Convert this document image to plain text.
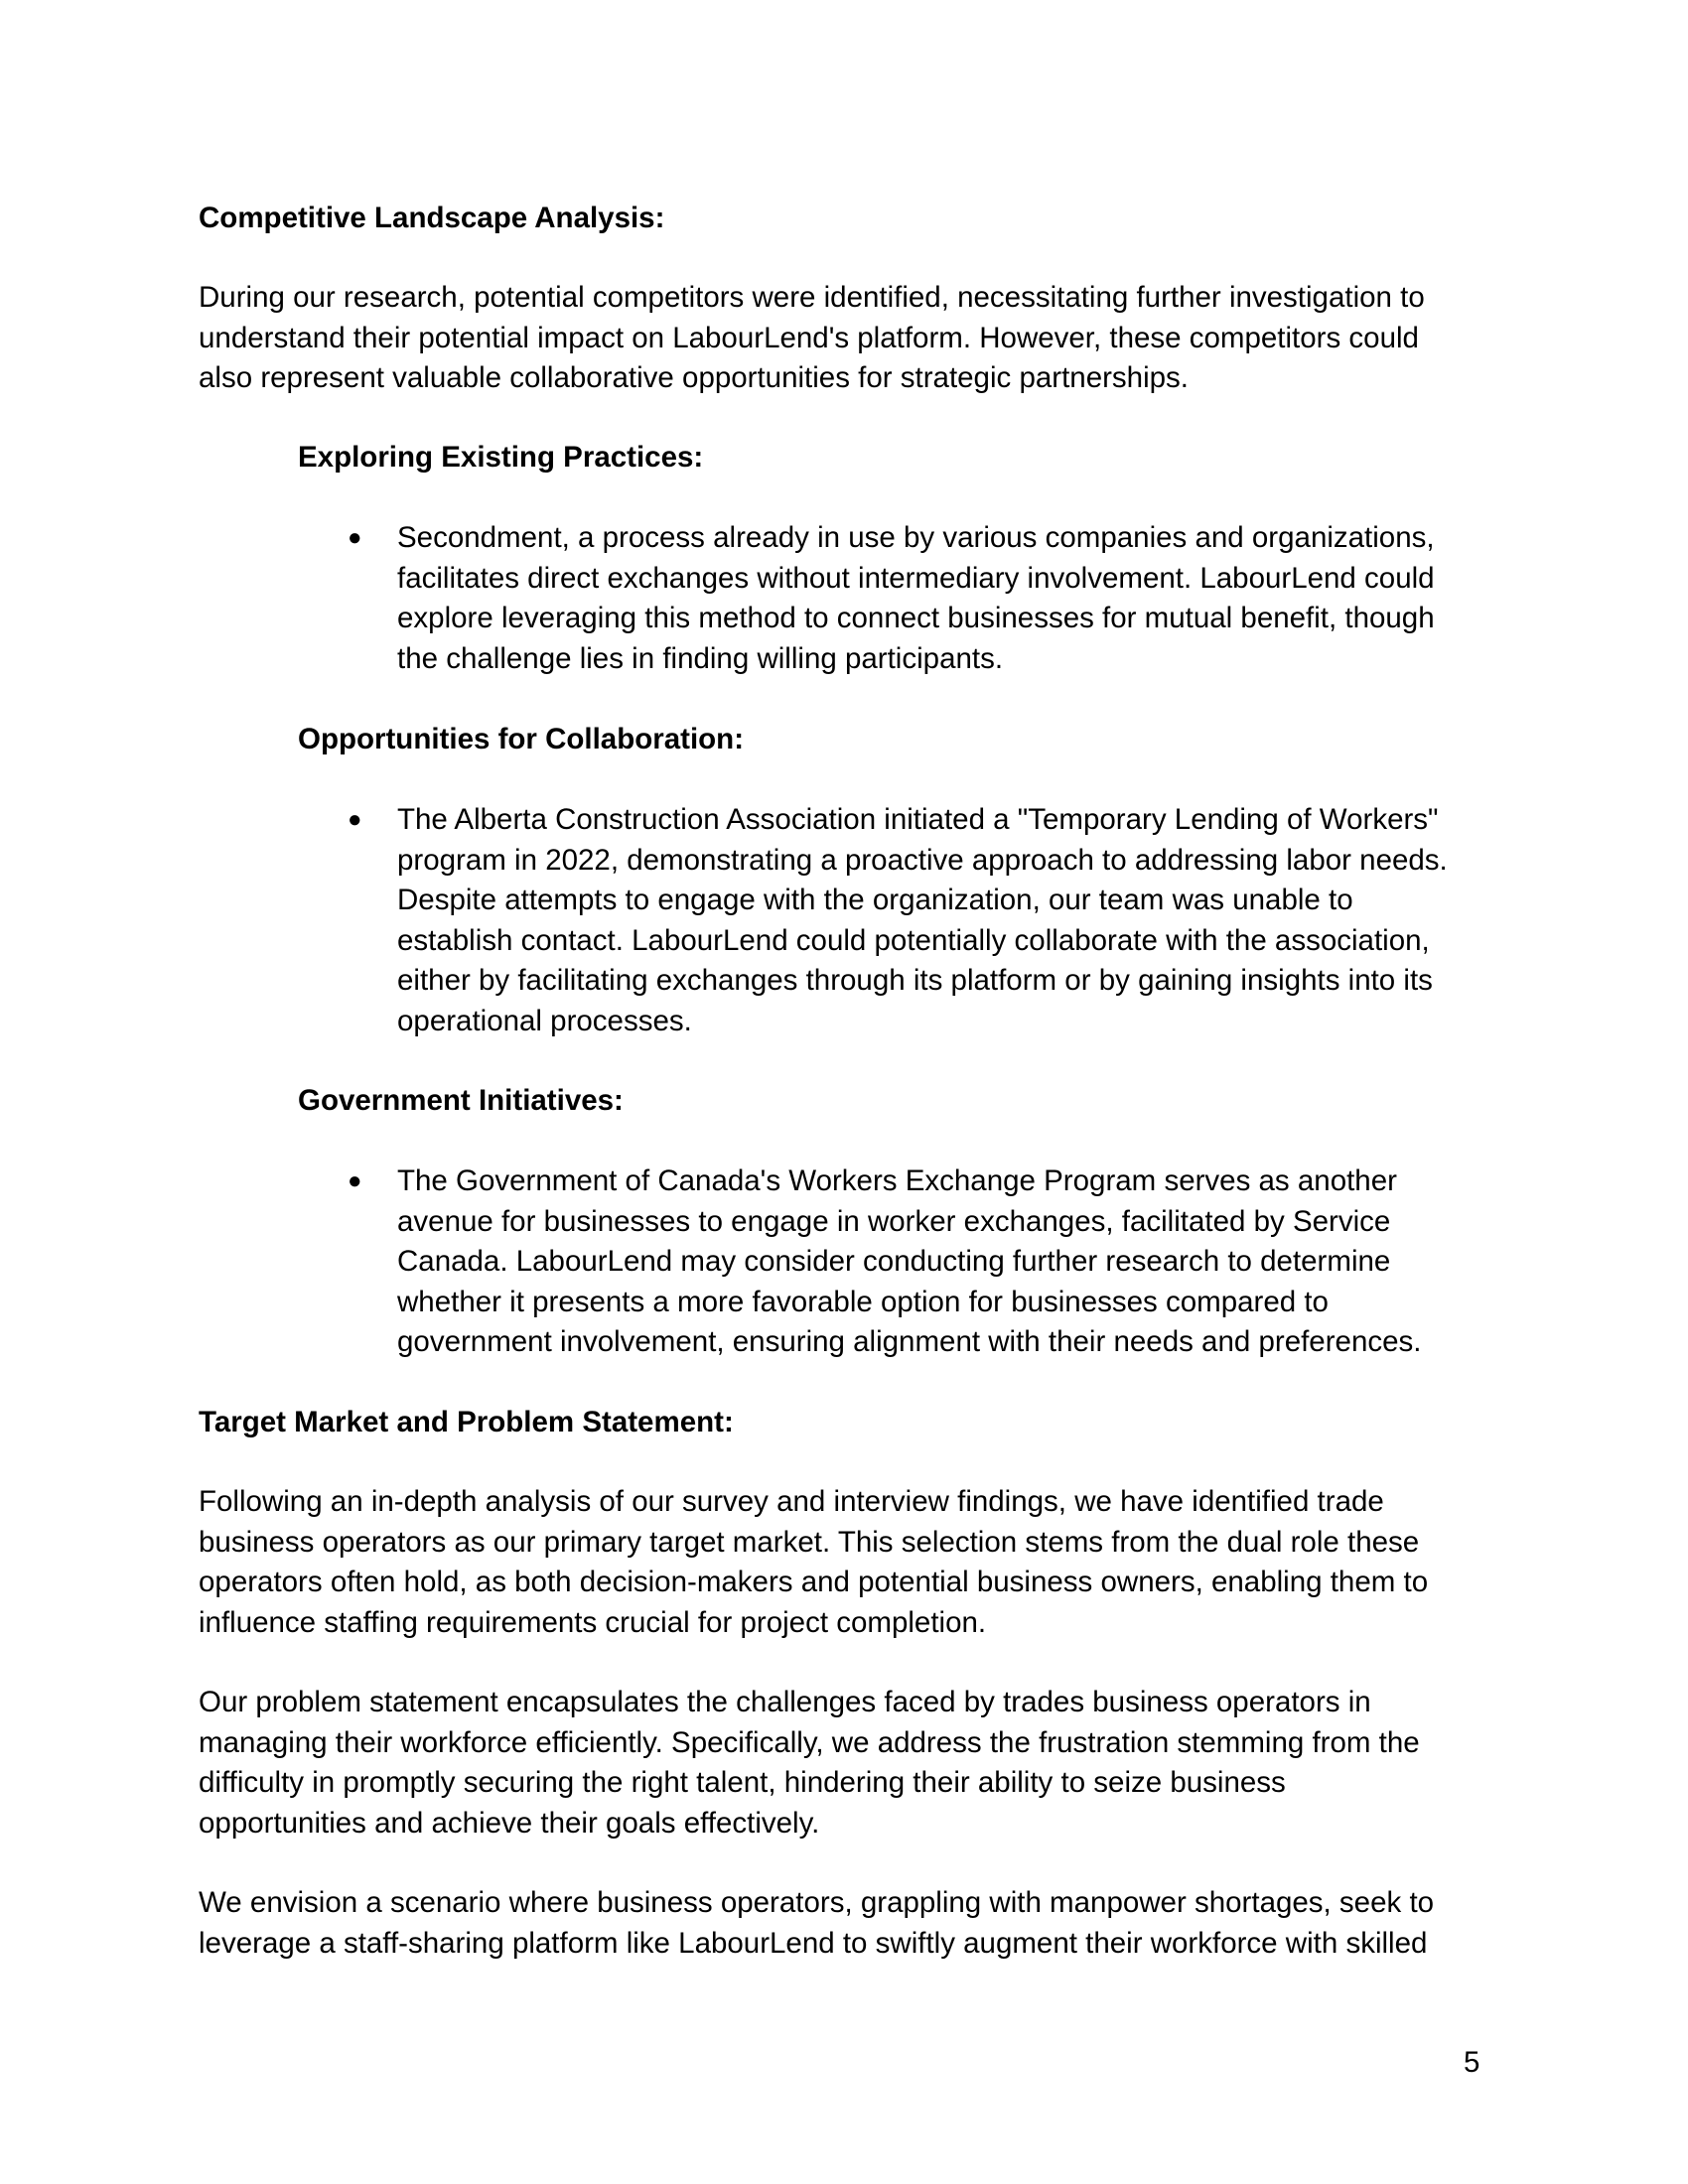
Competitive Landscape Analysis:
During our research, potential competitors were identified, necessitating further investigation to
understand their potential impact on LabourLend's platform. However, these competitors could
also represent valuable collaborative opportunities for strategic partnerships.
Exploring Existing Practices:
● Secondment, a process already in use by various companies and organizations,
facilitates direct exchanges without intermediary involvement. LabourLend could
explore leveraging this method to connect businesses for mutual benefit, though
the challenge lies in finding willing participants.
Opportunities for Collaboration:
● The Alberta Construction Association initiated a "Temporary Lending of Workers"
program in 2022, demonstrating a proactive approach to addressing labor needs.
Despite attempts to engage with the organization, our team was unable to
establish contact. LabourLend could potentially collaborate with the association,
either by facilitating exchanges through its platform or by gaining insights into its
operational processes.
Government Initiatives:
● The Government of Canada's Workers Exchange Program serves as another
avenue for businesses to engage in worker exchanges, facilitated by Service
Canada. LabourLend may consider conducting further research to determine
whether it presents a more favorable option for businesses compared to
government involvement, ensuring alignment with their needs and preferences.
Target Market and Problem Statement:
Following an in-depth analysis of our survey and interview findings, we have identified trade
business operators as our primary target market. This selection stems from the dual role these
operators often hold, as both decision-makers and potential business owners, enabling them to
influence staffing requirements crucial for project completion.
Our problem statement encapsulates the challenges faced by trades business operators in
managing their workforce efficiently. Specifically, we address the frustration stemming from the
difficulty in promptly securing the right talent, hindering their ability to seize business
opportunities and achieve their goals effectively.
We envision a scenario where business operators, grappling with manpower shortages, seek to
leverage a staff-sharing platform like LabourLend to swiftly augment their workforce with skilled
5
